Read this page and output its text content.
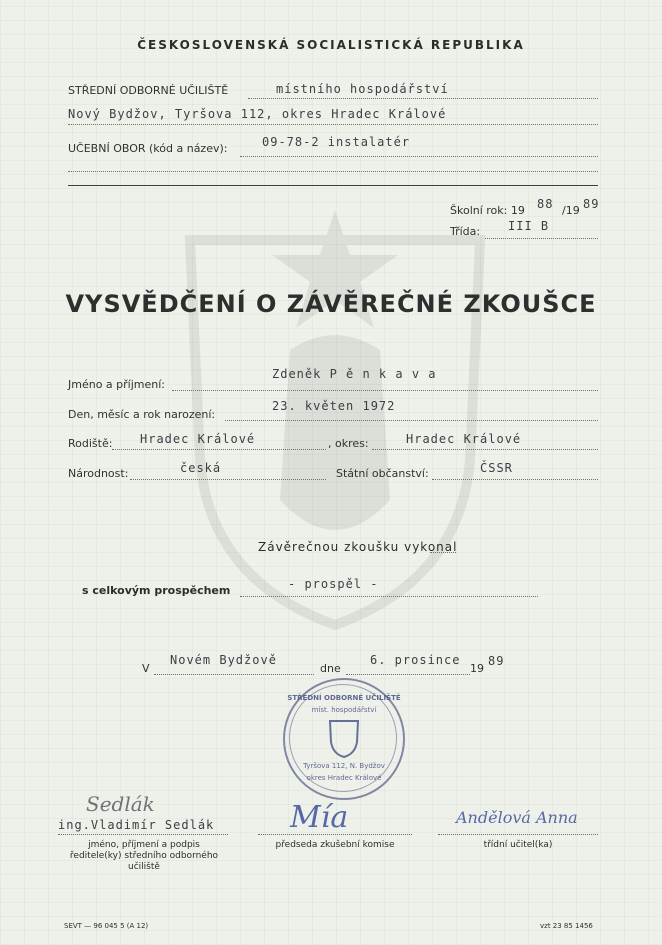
ČESKOSLOVENSKÁ SOCIALISTICKÁ REPUBLIKA
STŘEDNÍ ODBORNÉ UČILIŠTĚ	místního hospodářství
Nový Bydžov, Tyršova 112, okres Hradec Králové
UČEBNÍ OBOR (kód a název):	09-78-2 instalatér
Školní rok: 19 88 /19 89
Třída: III B
VYSVĚDČENÍ O ZÁVĚREČNÉ ZKOUŠCE
Jméno a příjmení:
Zdeněk P ě n k a v a
Den, měsíc a rok narození:
23. květen 1972
Rodiště: Hradec Králové	, okres:	Hradec Králové
Národnost:	česká	Státní občanství:	ČSSR
Závěrečnou zkoušku vykonal
s celkovým prospěchem	- prospěl -
V
Novém Bydžově
dne
6. prosince
19
89
STŘEDNÍ ODBORNÉ UČILIŠTĚ
míst. hospodářství
Tyršova 112, N. Bydžov
okres Hradec Králové
Sedlák
ing.Vladimír Sedlák
jméno, příjmení a podpis
ředitele(ky) středního odborného
učiliště
Mía
předseda zkušební komise
Andělová Anna
třídní učitel(ka)
SEVT — 96 045 5 (A 12)	vzt 23 85 1456
